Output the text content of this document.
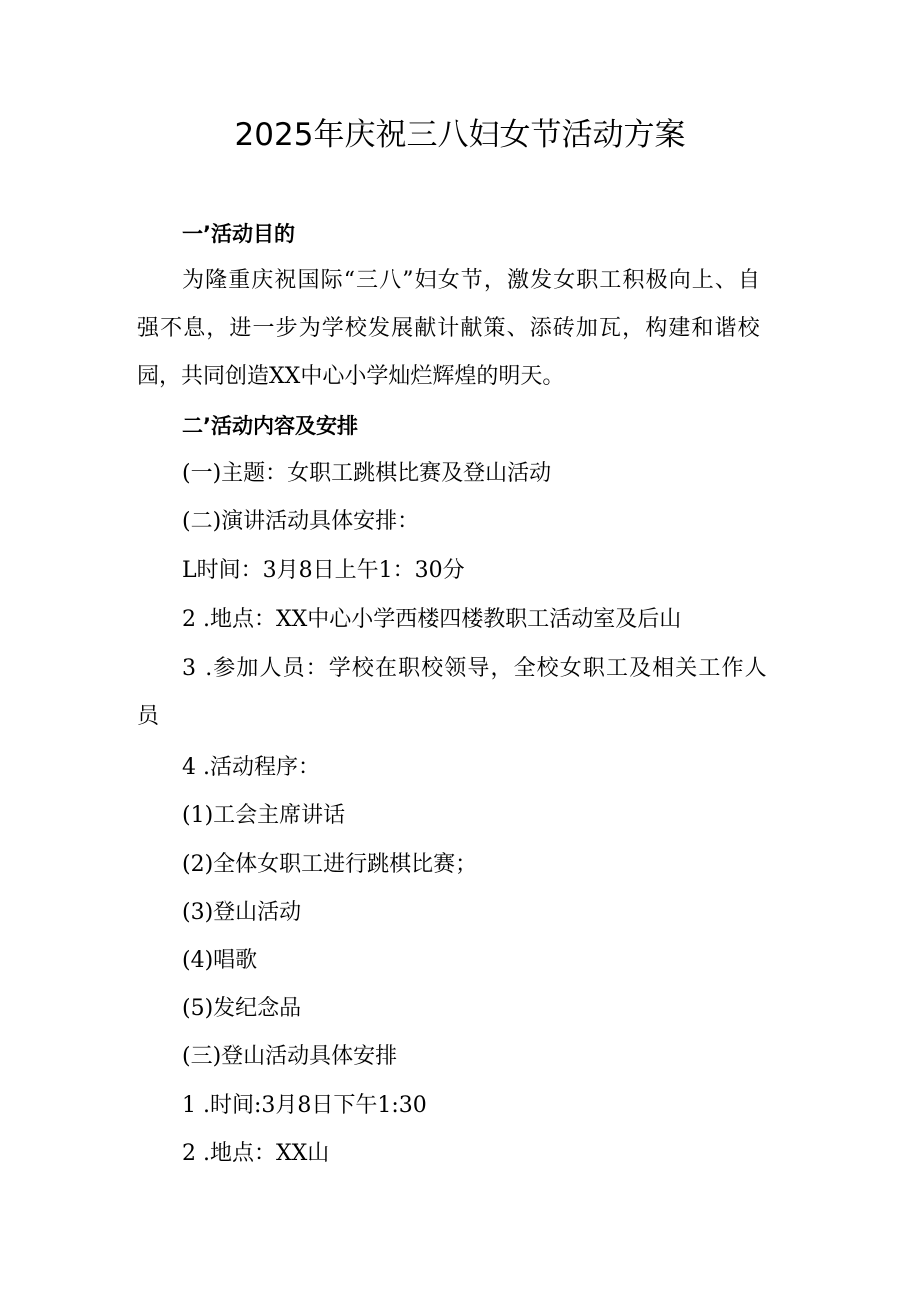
2025年庆祝三八妇女节活动方案
一’活动目的
为隆重庆祝国际“三八”妇女节，激发女职工积极向上、自
强不息，进一步为学校发展献计献策、添砖加瓦，构建和谐校
园，共同创造XX中心小学灿烂辉煌的明天。
二’活动内容及安排
(一)主题：女职工跳棋比赛及登山活动
(二)演讲活动具体安排：
L时间：3月8日上午1：30分
2 .地点：XX中心小学西楼四楼教职工活动室及后山
3 .参加人员：学校在职校领导，全校女职工及相关工作人
员
4 .活动程序：
(1)工会主席讲话
(2)全体女职工进行跳棋比赛；
(3)登山活动
(4)唱歌
(5)发纪念品
(三)登山活动具体安排
1 .时间:3月8日下午1:30
2 .地点：XX山
